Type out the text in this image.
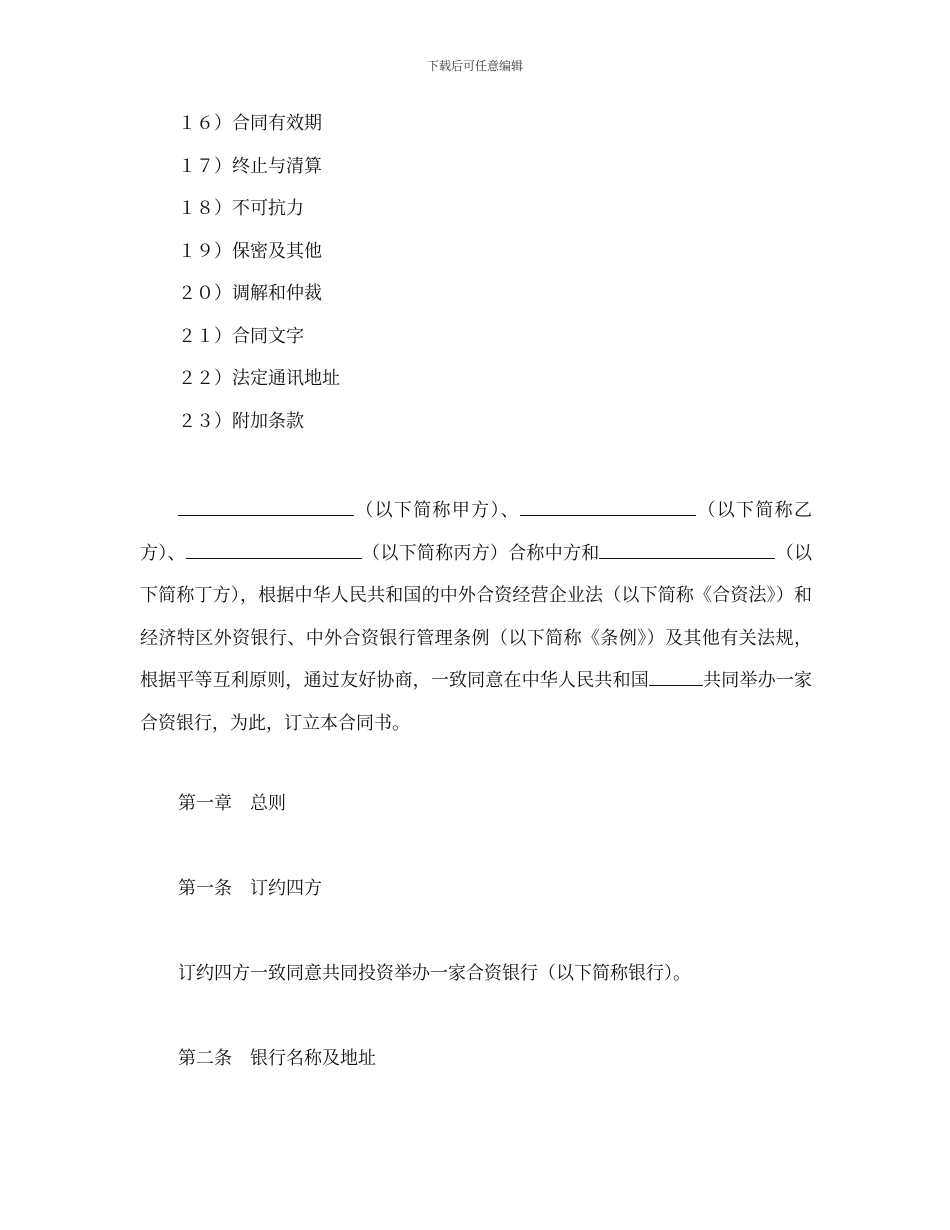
下载后可任意编辑
１６）合同有效期
１７）终止与清算
１８）不可抗力
１９）保密及其他
２０）调解和仲裁
２１）合同文字
２２）法定通讯地址
２３）附加条款

（以下简称甲方）、	（以下简称乙方）、	（以下简称丙方）合称中方和	（以下简称丁方），根据中华人民共和国的中外合资经营企业法（以下简称《合资法》）和经济特区外资银行、中外合资银行管理条例（以下简称《条例》）及其他有关法规，根据平等互利原则，通过友好协商，一致同意在中华人民共和国	共同举办一家合资银行，为此，订立本合同书。

第一章　总则

第一条　订约四方

订约四方一致同意共同投资举办一家合资银行（以下简称银行）。

第二条　银行名称及地址
